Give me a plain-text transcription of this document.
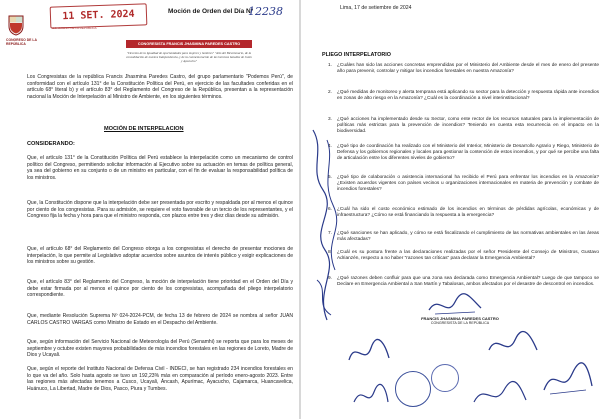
CONGRESO DE LA REPÚBLICA
11 SET. 2024
CONGRESO DE LA REPÚBLICA
Moción de Orden del Día Nº
12238
CONGRESISTA FRANCIS JHASMINA PAREDES CASTRO
"Decenio de la Igualdad de oportunidades para mujeres y hombres" "Año del Bicentenario, de la consolidación de nuestra Independencia, y de la conmemoración de las heroicas batallas de Junín y Ayacucho"

Los Congresistas de la república Francis Jhasmina Paredes Castro, del grupo parlamentario "Podemos Perú", de conformidad con el artículo 131° de la Constitución Política del Perú, en ejercicio de las facultades conferidas en el artículo 68° literal b) y el artículo 83° del Reglamento del Congreso de la República, presentan a la representación nacional la Moción de Interpelación al Ministro de Ambiente, en los siguientes términos.

MOCIÓN DE INTERPELACION
CONSIDERANDO:

Que, el artículo 131° de la Constitución Política del Perú establece la interpelación como un mecanismo de control político del Congreso, permitiendo solicitar información al Ejecutivo sobre su actuación en temas de política general, ya sea del gobierno en su conjunto o de un ministro en particular, con el fin de evaluar la responsabilidad política de los ministros.

Que, la Constitución dispone que la interpelación debe ser presentada por escrito y respaldada por al menos el quince por ciento de los congresistas. Para su admisión, se requiere el voto favorable de un tercio de los representantes, y el Congreso fija la fecha y hora para que el ministro responda, con plazos entre tres y diez días desde su admisión.

Que, el artículo 68° del Reglamento del Congreso otorga a los congresistas el derecho de presentar mociones de interpelación, lo que permite al Legislativo adoptar acuerdos sobre asuntos de interés público y exigir explicaciones de los ministros sobre su gestión.

Que, el artículo 83° del Reglamento del Congreso, la moción de interpelación tiene prioridad en el Orden del Día y debe estar firmada por al menos el quince por ciento de los congresistas, acompañada del pliego interpelatorio correspondiente.

Que, mediante Resolución Suprema Nº 024-2024-PCM, de fecha 13 de febrero de 2024 se nombra al señor JUAN CARLOS CASTRO VARGAS como Ministro de Estado en el Despacho del Ambiente.

Que, según información del Servicio Nacional de Meteorología del Perú (Senamhi) se reporta que para los meses de septiembre y octubre existen mayores probabilidades de más incendios forestales en las regiones de Loreto, Madre de Dios y Ucayali.

Que, según el reporte del Instituto Nacional de Defensa Civil - INDECI, se han registrado 234 incendios forestales en lo que va del año. Solo hasta agosto se tuvo un 192,23% más en comparación al período enero-agosto 2023. Entre las regiones más afectadas tenemos a Cusco, Ucayali, Áncash, Apurímac, Ayacucho, Cajamarca, Huancavelica, Huánuco, La Libertad, Madre de Dios, Pasco, Piura y Tumbes.

Lima, 17 de setiembre de 2024
PLIEGO INTERPELATORIO
1. ¿Cuáles han sido las acciones concretas emprendidas por el Ministerio del Ambiente desde el mes de enero del presente año para prevenir, controlar y mitigar los incendios forestales en nuestra Amazonía?
2. ¿Qué medidas de monitoreo y alerta temprana está aplicando su sector para la detección y respuesta rápida ante incendios en zonas de alto riesgo en la Amazonía? ¿Cuál es la coordinación a nivel interinstitucional?
3. ¿Qué acciones ha implementado desde su Sector, como ente rector de los recursos naturales para la implementación de políticas más estrictas para la prevención de incendios? Teniendo en cuenta esta recurrencia en el impacto en la biodiversidad.
4. ¿Qué tipo de coordinación ha realizado con el Ministerio del Interior, Ministerio de Desarrollo Agrario y Riego, Ministerio de Defensa y los gobiernos regionales y locales para gestionar la contención de estos incendios, y por qué se percibe una falta de articulación entre los diferentes niveles de gobierno?
5. ¿Qué tipo de colaboración o asistencia internacional ha recibido el Perú para enfrentar los incendios en la Amazonía? ¿Existen acuerdos vigentes con países vecinos u organizaciones internacionales en materia de prevención y combate de incendios forestales?
6. ¿Cuál ha sido el costo económico estimado de los incendios en términos de pérdidas agrícolas, económicas y de infraestructura? ¿Cómo se está financiando la respuesta a la emergencia?
7. ¿Qué sanciones se han aplicado, y cómo se está fiscalizando el cumplimiento de las normativas ambientales en las áreas más afectadas?
8. ¿Cuál es su postura frente a las declaraciones realizadas por el señor Presidente del Consejo de Ministros, Gustavo Adrianzén, respecto a no haber "razones tan críticas" para declarar la Emergencia Ambiental?
9. ¿Qué razones deben confluir para que una zona sea declarada como Emergencia Ambiental? Luego de que tampoco se Declare en Emergencia Ambiental a San Martín y Tabalosas, ambos afectados por el desastre de descontrol en incendios.
FRANCIS JHASMINA PAREDES CASTRO
CONGRESISTA DE LA REPÚBLICA
